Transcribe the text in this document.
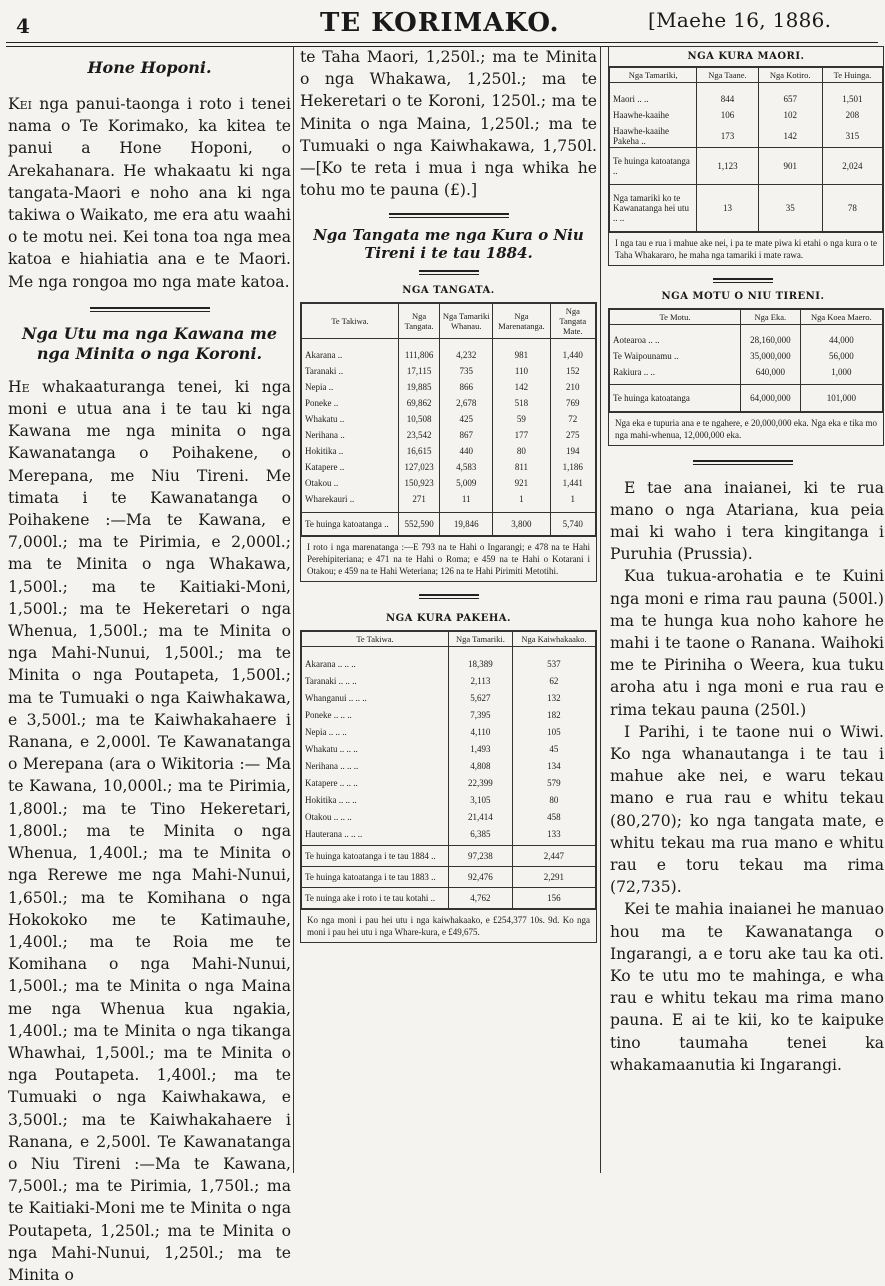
4	TE KORIMAKO.	[Maehe 16, 1886.
Hone Hoponi.

Kei nga panui-taonga i roto i tenei nama o Te Korimako, ka kitea te panui a Hone Hoponi, o Arekahanara. He whakaatu ki nga tangata-Maori e noho ana ki nga takiwa o Waikato, me era atu waahi o te motu nei. Kei tona toa nga mea katoa e hiahiatia ana e te Maori. Me nga rongoa mo nga mate katoa.

Nga Utu ma nga Kawana me nga Minita o nga Koroni.

He whakaaturanga tenei, ki nga moni e utua ana i te tau ki nga Kawana me nga minita o nga Kawanatanga o Poihakene, o Merepana, me Niu Tireni. Me timata i te Kawanatanga o Poihakene :—Ma te Kawana, e 7,000l.; ma te Pirimia, e 2,000l.; ma te Minita o nga Whakawa, 1,500l.; ma te Kaitiaki-Moni, 1,500l.; ma te Hekeretari o nga Whenua, 1,500l.; ma te Minita o nga Mahi-Nunui, 1,500l.; ma te Minita o nga Poutapeta, 1,500l.; ma te Tumuaki o nga Kaiwhakawa, e 3,500l.; ma te Kaiwhakahaere i Ranana, e 2,000l. Te Kawanatanga o Merepana (ara o Wikitoria :— Ma te Kawana, 10,000l.; ma te Pirimia, 1,800l.; ma te Tino Hekeretari, 1,800l.; ma te Minita o nga Whenua, 1,400l.; ma te Minita o nga Rerewe me nga Mahi-Nunui, 1,650l.; ma te Komihana o nga Hokokoko me te Katimauhe, 1,400l.; ma te Roia me te Komihana o nga Mahi-Nunui, 1,500l.; ma te Minita o nga Maina me nga Whenua kua ngakia, 1,400l.; ma te Minita o nga tikanga Whawhai, 1,500l.; ma te Minita o nga Poutapeta. 1,400l.; ma te Tumuaki o nga Kaiwhakawa, e 3,500l.; ma te Kaiwhakahaere i Ranana, e 2,500l. Te Kawanatanga o Niu Tireni :—Ma te Kawana, 7,500l.; ma te Pirimia, 1,750l.; ma te Kaitiaki-Moni me te Minita o nga Poutapeta, 1,250l.; ma te Minita o nga Mahi-Nunui, 1,250l.; ma te Minita o

te Taha Maori, 1,250l.; ma te Minita o nga Whakawa, 1,250l.; ma te Hekeretari o te Koroni, 1250l.; ma te Minita o nga Maina, 1,250l.; ma te Tumuaki o nga Kaiwhakawa, 1,750l. —[Ko te reta i mua i nga whika he tohu mo te pauna (£).]

Nga Tangata me nga Kura o Niu Tireni i te tau 1884.
NGA TANGATA.
Te Takiwa.	Nga Tangata.	Nga Tamariki Whanau.	Nga Marenatanga.	Nga Tangata Mate.

Akarana ..	111,806	4,232	981	1,440
Taranaki ..	17,115	735	110	152
Nepia ..	19,885	866	142	210
Poneke ..	69,862	2,678	518	769
Whakatu ..	10,508	425	59	72
Nerihana ..	23,542	867	177	275
Hokitika ..	16,615	440	80	194
Katapere ..	127,023	4,583	811	1,186
Otakou ..	150,923	5,009	921	1,441
Wharekauri ..	271	11	1	1

Te huinga katoatanga ..	552,590	19,846	3,800	5,740
I roto i nga marenatanga :—E 793 na te Hahi o Ingarangi; e 478 na te Hahi Perehipiteriana; e 471 na te Hahi o Roma; e 459 na te Hahi o Kotarani i Otakou; e 459 na te Hahi Weteriana; 126 na te Hahi Pirimiti Metotihi.
NGA KURA PAKEHA.
Te Takiwa.	Nga Tamariki.	Nga Kaiwhakaako.

Akarana .. .. ..	18,389	537
Taranaki .. .. ..	2,113	62
Whanganui .. .. ..	5,627	132
Poneke .. .. ..	7,395	182
Nepia .. .. ..	4,110	105
Whakatu .. .. ..	1,493	45
Nerihana .. .. ..	4,808	134
Katapere .. .. ..	22,399	579
Hokitika .. .. ..	3,105	80
Otakou .. .. ..	21,414	458
Hauterana .. .. ..	6,385	133

Te huinga katoatanga i te tau 1884 ..	97,238	2,447
Te huinga katoatanga i te tau 1883 ..	92,476	2,291
Te nuinga ake i roto i te tau kotahi ..	4,762	156
Ko nga moni i pau hei utu i nga kaiwhakaako, e £254,377 10s. 9d. Ko nga moni i pau hei utu i nga Whare-kura, e £49,675.
NGA KURA MAORI.
Nga Tamariki,	Nga Taane.	Nga Kotiro.	Te Huinga.

Maori .. ..	844	657	1,501
Haawhe-kaaihe	106	102	208
Haawhe-kaaihe Pakeha ..	173	142	315
Te huinga katoatanga ..	1,123	901	2,024
Nga tamariki ko te Kawanatanga hei utu .. ..	13	35	78
I nga tau e rua i mahue ake nei, i pa te mate piwa ki etahi o nga kura o te Taha Whakararo, he maha nga tamariki i mate rawa.
NGA MOTU O NIU TIRENI.
Te Motu.	Nga Eka.	Nga Koea Maero.

Aotearoa .. ..	28,160,000	44,000
Te Waipounamu ..	35,000,000	56,000
Rakiura .. ..	640,000	1,000

Te huinga katoatanga	64,000,000	101,000
Nga eka e tupuria ana e te ngahere, e 20,000,000 eka. Nga eka e tika mo nga mahi-whenua, 12,000,000 eka.

E tae ana inaianei, ki te rua mano o nga Atariana, kua peia mai ki waho i tera kingitanga i Puruhia (Prussia).

Kua tukua-arohatia e te Kuini nga moni e rima rau pauna (500l.) ma te hunga kua noho kahore he mahi i te taone o Ranana. Waihoki me te Piriniha o Weera, kua tuku aroha atu i nga moni e rua rau e rima tekau pauna (250l.)

I Parihi, i te taone nui o Wiwi. Ko nga whanautanga i te tau i mahue ake nei, e waru tekau mano e rua rau e whitu tekau (80,270); ko nga tangata mate, e whitu tekau ma rua mano e whitu rau e toru tekau ma rima (72,735).

Kei te mahia inaianei he manuao hou ma te Kawanatanga o Ingarangi, a e toru ake tau ka oti. Ko te utu mo te mahinga, e wha rau e whitu tekau ma rima mano pauna. E ai te kii, ko te kaipuke tino taumaha tenei ka whakamaanutia ki Ingarangi.
